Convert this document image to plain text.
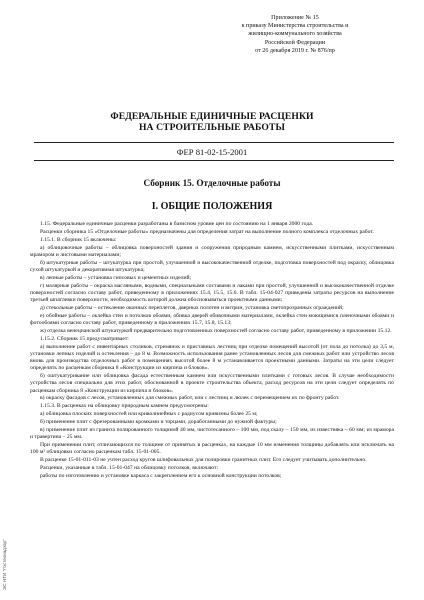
Приложение № 15
к приказу Министерства строительства и
жилищно-коммунального хозяйства
Российской Федерации
от 26 декабря 2019 г. № 876/пр
ФЕДЕРАЛЬНЫЕ ЕДИНИЧНЫЕ РАСЦЕНКИ
НА СТРОИТЕЛЬНЫЕ РАБОТЫ
ФЕР 81-02-15-2001
Сборник 15. Отделочные работы
I. ОБЩИЕ ПОЛОЖЕНИЯ

1.15. Федеральные единичные расценки разработаны в базисном уровне цен по состоянию на 1 января 2000 года.

Расценки сборника 15 «Отделочные работы» предназначены для определения затрат на выполнение полного комплекса отделочных работ.

1.15.1. В сборник 15 включены:

а) облицовочные работы – облицовка поверхностей здания и сооружения природным камнем, искусственными плитками, искусственным мрамором и листовыми материалами;

б) штукатурные работы – штукатурка при простой, улучшенной и высококачественной отделке, подготовка поверхностей под окраску, облицовка сухой штукатуркой и декоративная штукатурка;

в) лепные работы – установка гипсовых и цементных изделий;

г) малярные работы – окраска масляными, водными, специальными составами и лаками при простой, улучшенной и высококачественной отделке поверхностей согласно составу работ, приведенному в приложениях 15.4, 15.5, 15.6. В табл. 15-04-027 приведены затраты ресурсов на выполнение третьей шпатлевки поверхности, необходимость которой должна обосновываться проектными данными;

д) стекольные работы – остекление оконных переплетов, дверных полотен и витрин, установка светопрозрачных ограждений;

е) обойные работы – оклейка стен и потолков обоями, обивка дверей обивочными материалами, оклейка стен моющимися пленочными обоями и фотообоями согласно составу работ, приведенному в приложениях 15.7, 15.8, 15.13;

ж) отделка венецианской штукатуркой предварительно подготовленных поверхностей согласно составу работ, приведенному в приложении 15.12.

1.15.2. Сборник 15 предусматривает:

а) выполнение работ с инвентарных столиков, стремянок и приставных лестниц при отделке помещений высотой (от пола до потолка) до 3,5 м, установки лепных изделий и остекления – до 8 м. Возможность использования ранее установленных лесов для смежных работ или устройство лесов вновь для производства отделочных работ в помещениях высотой более 8 м устанавливается проектными данными. Затраты на эти цели следует определять по расценкам сборника 8 «Конструкции из кирпича и блоков».

б) оштукатуривание или облицовка фасада естественным камнем или искусственными плитками с готовых лесов. В случае необходимости устройства лесов специально для этих работ, обоснованной в проекте строительства объекта, расход ресурсов на эти цели следует определять по расценкам сборника 8 «Конструкции из кирпича и блоков».

в) окраску фасадов с лесов, установленных для смежных работ, или с лестниц и люлек с перемещением их по фронту работ.

1.15.3. В расценках на облицовку природным камнем предусмотрены:

а) облицовка плоских поверхностей или криволинейных с радиусом кривизны более 25 м;

б) применение плит с фрезерованными кромками и торцами, доработанными до нужной фактуры;

в) применение плит из гранита полированного толщиной 40 мм, чистотесанного – 100 мм, под скалу – 150 мм, из известняка – 60 мм; из мрамора и травертина – 25 мм.

При применении плит, отличающихся по толщине от принятых в расценках, на каждые 10 мм изменения толщины добавлять или исключать на 100 м² облицовки согласно расценкам табл. 15-01-005.

В расценке 15-01-011-03 не учтен расход кругов шлифовальных для полировки гранитных плит. Его следует учитывать дополнительно.

Расценки, указанные в табл. 15-01-047 на облицовку потолков, включают:

работы по изготовлению и установке каркаса с закреплением его к основной конструкции потолков;

ЭС НТИ "Гостехнадзор"
